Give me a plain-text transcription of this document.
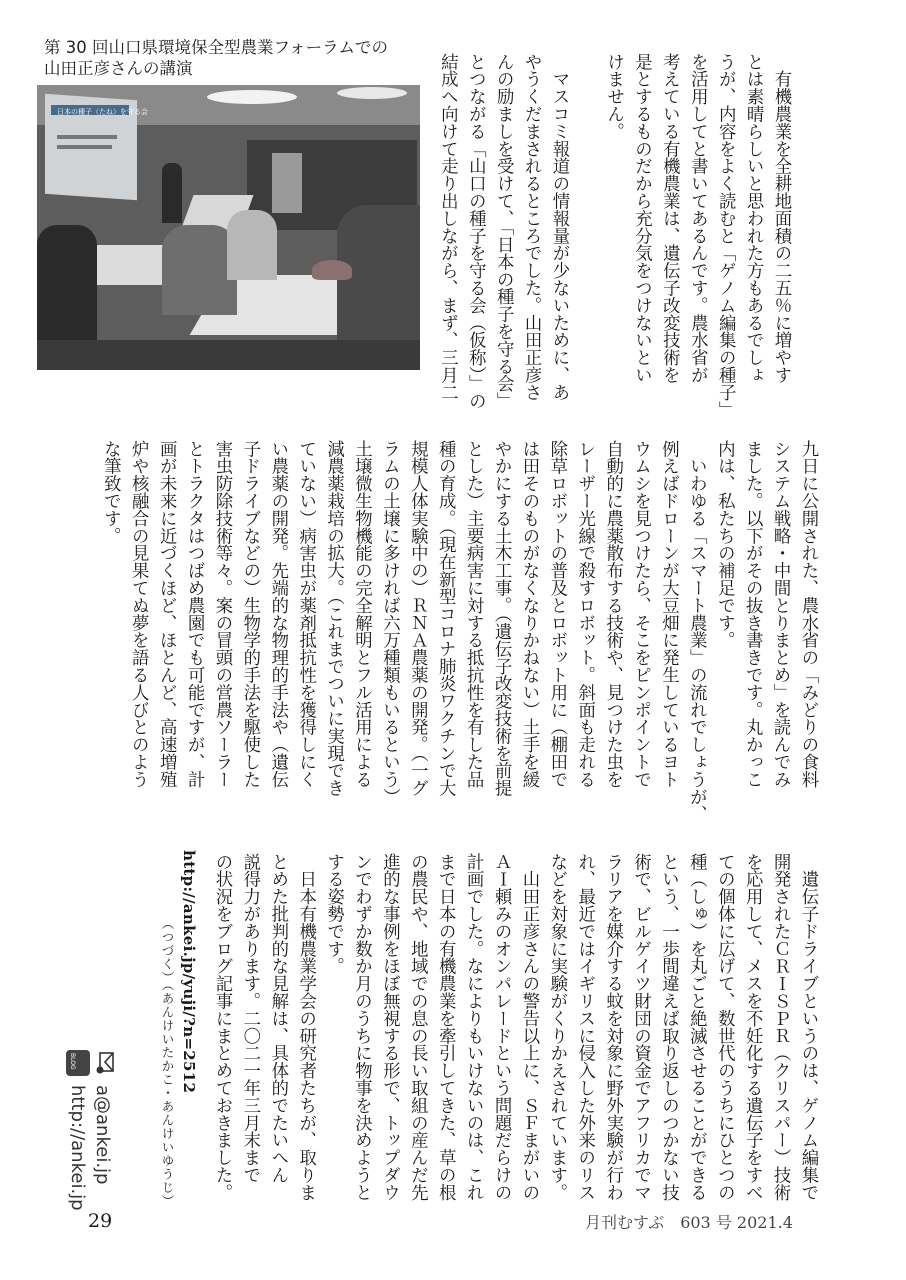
第 30 回山口県環境保全型農業フォーラムでの
山田正彦さんの講演
日本の種子（たね）を守る会	　有機農業を全耕地面積の二五％に増やす
とは素晴らしいと思われた方もあるでしょ
うが、内容をよく読むと「ゲノム編集の種子」
を活用してと書いてあるんです。農水省が
考えている有機農業は、遺伝子改変技術を
是とするものだから充分気をつけないとい
けません。
　マスコミ報道の情報量が少ないために、あ
やうくだまされるところでした。山田正彦さ
んの励ましを受けて、「日本の種子を守る会」
とつながる「山口の種子を守る会（仮称）」の
結成へ向けて走り出しながら、まず、三月二
九日に公開された、農水省の「みどりの食料
システム戦略・中間とりまとめ」を読んでみ
ました。以下がその抜き書きです。丸かっこ
内は、私たちの補足です。
　いわゆる「スマート農業」の流れでしょうが、
例えばドローンが大豆畑に発生しているヨト
ウムシを見つけたら、そこをピンポイントで
自動的に農薬散布する技術や、見つけた虫を
レーザー光線で殺すロボット。斜面も走れる
除草ロボットの普及とロボット用に（棚田で
は田そのものがなくなりかねない）土手を緩
やかにする土木工事。（遺伝子改変技術を前提
とした）主要病害に対する抵抗性を有した品
種の育成。（現在新型コロナ肺炎ワクチンで大
規模人体実験中の）ＲＮＡ農薬の開発。（一グ
ラムの土壌に多ければ六万種類もいるという）
土壌微生物機能の完全解明とフル活用による
減農薬栽培の拡大。（これまでついに実現でき
ていない）病害虫が薬剤抵抗性を獲得しにく
い農薬の開発。先端的な物理的手法や（遺伝
子ドライブなどの）生物学的手法を駆使した
害虫防除技術等々。案の冒頭の営農ソーラー
とトラクタはつばめ農園でも可能ですが、計
画が未来に近づくほど、ほとんど、高速増殖
炉や核融合の見果てぬ夢を語る人びとのよう
な筆致です。
　遺伝子ドライブというのは、ゲノム編集で
開発されたＣＲＩＳＰＲ（クリスパー）技術
を応用して、メスを不妊化する遺伝子をすべ
ての個体に広げて、数世代のうちにひとつの
種（しゅ）を丸ごと絶滅させることができる
という、一歩間違えば取り返しのつかない技
術で、ビルゲイツ財団の資金でアフリカでマ
ラリアを媒介する蚊を対象に野外実験が行わ
れ、最近ではイギリスに侵入した外来のリス
などを対象に実験がくりかえされています。
　山田正彦さんの警告以上に、ＳＦまがいの
ＡＩ頼みのオンパレードという問題だらけの
計画でした。なによりもいけないのは、これ
まで日本の有機農業を牽引してきた、草の根
の農民や、地域での息の長い取組の産んだ先
進的な事例をほぼ無視する形で、トップダウ
ンでわずか数か月のうちに物事を決めようと
する姿勢です。
　日本有機農業学会の研究者たちが、取りま
とめた批判的な見解は、具体的でたいへん
説得力があります。二〇二一年三月末まで
の状況をブログ記事にまとめておきました。
http://ankei.jp/yuji/?n=2512
（つづく）（あんけいたかこ・あんけいゆうじ）
BLOG
a@ankei.jp
http://ankei.jp
29	月刊むすぶ　603 号 2021.4
